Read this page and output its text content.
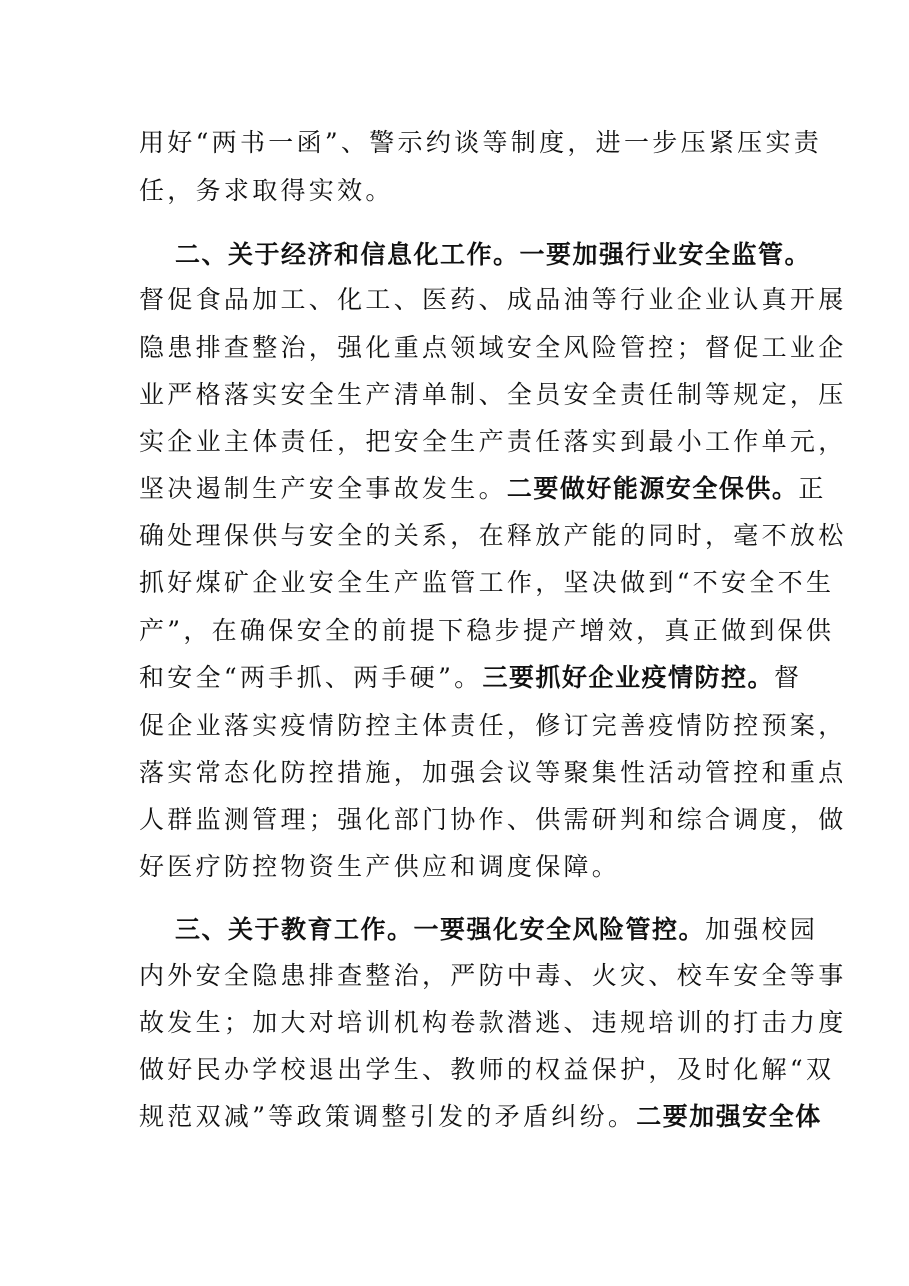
用好“两书一函”、警示约谈等制度，进一步压紧压实责
任，务求取得实效。
二、关于经济和信息化工作。一要加强行业安全监管。
督促食品加工、化工、医药、成品油等行业企业认真开展
隐患排查整治，强化重点领域安全风险管控；督促工业企
业严格落实安全生产清单制、全员安全责任制等规定，压
实企业主体责任，把安全生产责任落实到最小工作单元，
坚决遏制生产安全事故发生。二要做好能源安全保供。正
确处理保供与安全的关系，在释放产能的同时，毫不放松
抓好煤矿企业安全生产监管工作，坚决做到“不安全不生
产”，在确保安全的前提下稳步提产增效，真正做到保供
和安全“两手抓、两手硬”。三要抓好企业疫情防控。督
促企业落实疫情防控主体责任，修订完善疫情防控预案，
落实常态化防控措施，加强会议等聚集性活动管控和重点
人群监测管理；强化部门协作、供需研判和综合调度，做
好医疗防控物资生产供应和调度保障。
三、关于教育工作。一要强化安全风险管控。加强校园
内外安全隐患排查整治，严防中毒、火灾、校车安全等事
故发生；加大对培训机构卷款潜逃、违规培训的打击力度
做好民办学校退出学生、教师的权益保护，及时化解“双
规范双减”等政策调整引发的矛盾纠纷。二要加强安全体
